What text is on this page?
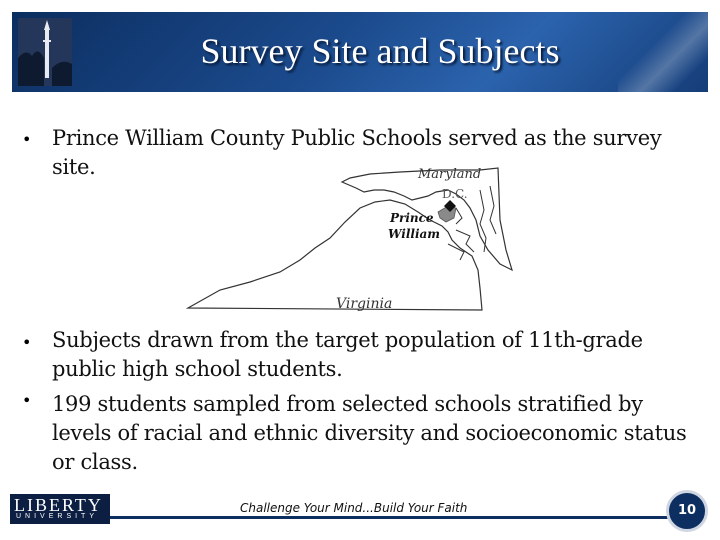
Survey Site and Subjects
• Prince William County Public Schools served as the survey
site.	Maryland
D.C.
Prince
William
Virginia
• Subjects drawn from the target population of 11th-grade
public high school students.
• 199 students sampled from selected schools stratified by
levels of racial and ethnic diversity and socioeconomic status
or class.
LIBERTY
UNIVERSITY
Challenge Your Mind...Build Your Faith	10
